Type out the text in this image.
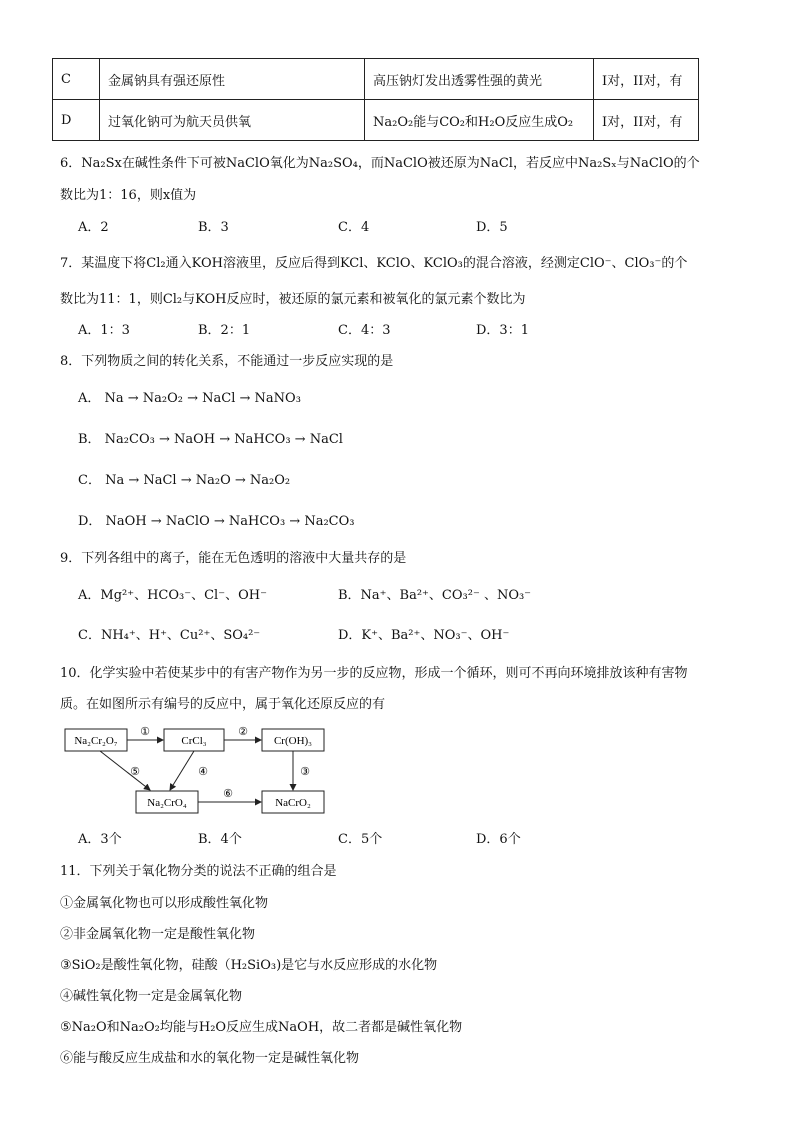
C	金属钠具有强还原性	高压钠灯发出透雾性强的黄光	I对，II对，有
D	过氧化钠可为航天员供氧	Na₂O₂能与CO₂和H₂O反应生成O₂	I对，II对，有
6．Na₂Sx在碱性条件下可被NaClO氧化为Na₂SO₄，而NaClO被还原为NaCl，若反应中Na₂Sₓ与NaClO的个
数比为1：16，则x值为
A．2	B．3	C．4	D．5
7．某温度下将Cl₂通入KOH溶液里，反应后得到KCl、KClO、KClO₃的混合溶液，经测定ClO⁻、ClO₃⁻的个
数比为11：1，则Cl₂与KOH反应时，被还原的氯元素和被氧化的氯元素个数比为
A．1：3	B．2：1	C．4：3	D．3：1
8．下列物质之间的转化关系，不能通过一步反应实现的是
A． Na → Na₂O₂ → NaCl → NaNO₃
B． Na₂CO₃ → NaOH → NaHCO₃ → NaCl
C． Na → NaCl → Na₂O → Na₂O₂
D． NaOH → NaClO → NaHCO₃ → Na₂CO₃
9．下列各组中的离子，能在无色透明的溶液中大量共存的是
A．Mg²⁺、HCO₃⁻、Cl⁻、OH⁻	B．Na⁺、Ba²⁺、CO₃²⁻ 、NO₃⁻
C．NH₄⁺、H⁺、Cu²⁺、SO₄²⁻	D．K⁺、Ba²⁺、NO₃⁻、OH⁻
10．化学实验中若使某步中的有害产物作为另一步的反应物，形成一个循环，则可不再向环境排放该种有害物
质。在如图所示有编号的反应中，属于氧化还原反应的有
Na₂Cr₂O₇	CrCl₃	Cr(OH)₃
Na₂CrO₄	NaCrO₂
①	②
③
④
⑤
⑥
A．3个	B．4个	C．5个	D．6个
11．下列关于氧化物分类的说法不正确的组合是
①金属氧化物也可以形成酸性氧化物
②非金属氧化物一定是酸性氧化物
③SiO₂是酸性氧化物，硅酸（H₂SiO₃)是它与水反应形成的水化物
④碱性氧化物一定是金属氧化物
⑤Na₂O和Na₂O₂均能与H₂O反应生成NaOH，故二者都是碱性氧化物
⑥能与酸反应生成盐和水的氧化物一定是碱性氧化物
